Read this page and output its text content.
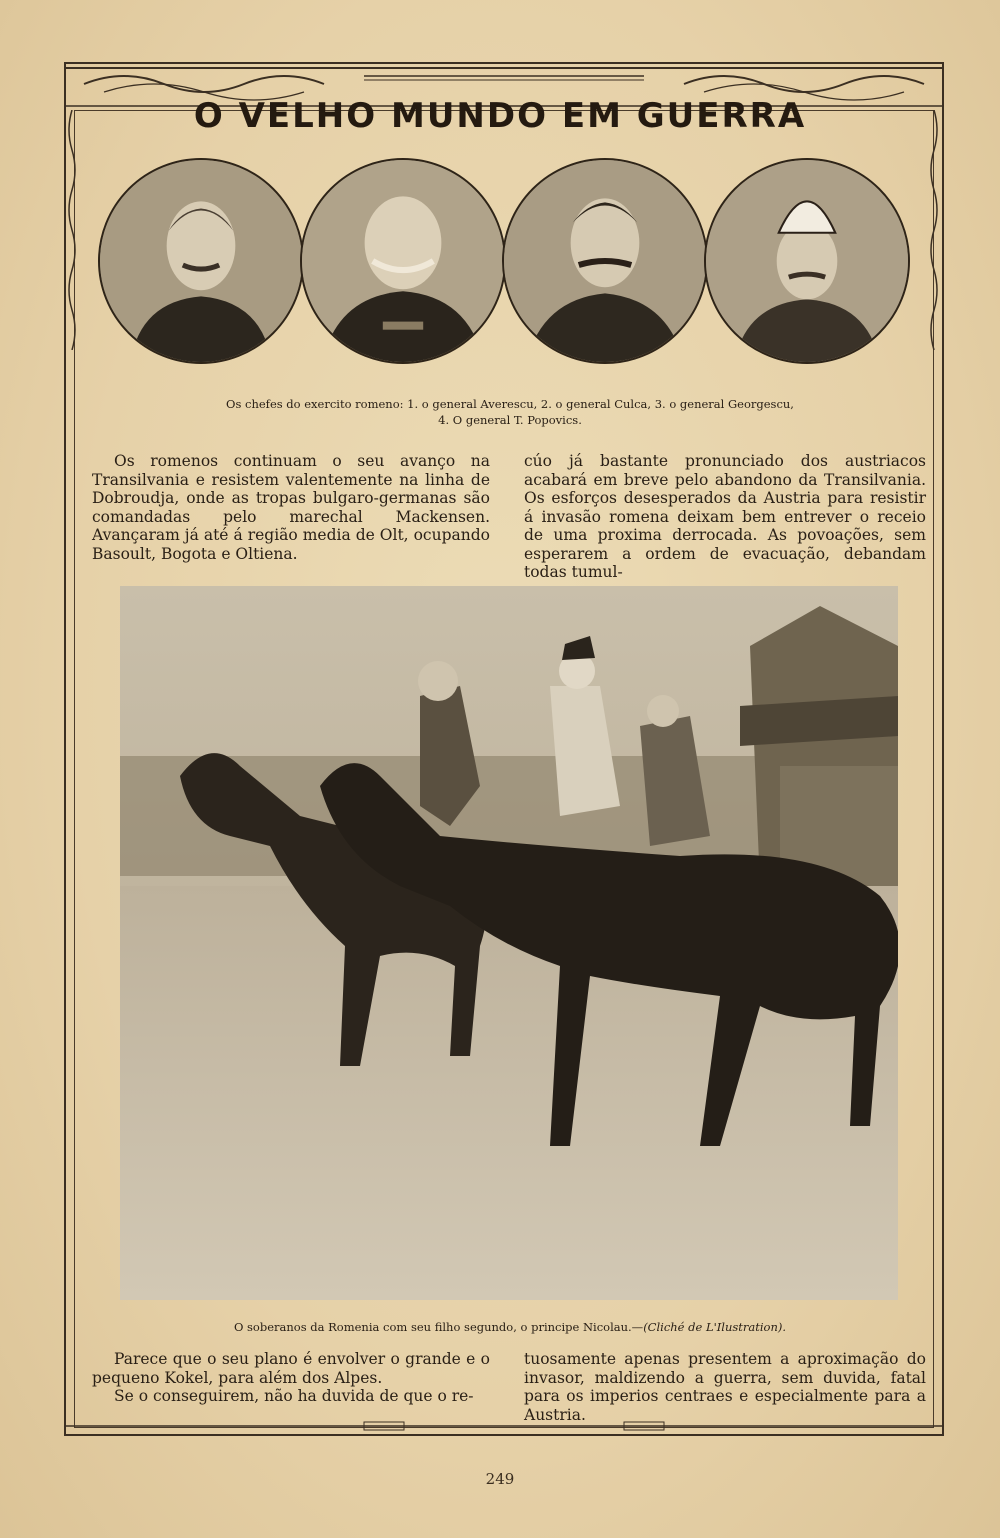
O VELHO MUNDO EM GUERRA
Os chefes do exercito romeno: 1. o general Averescu, 2. o general Culca, 3. o general Georgescu,
4. O general T. Popovics.

Os romenos continuam o seu avanço na Transilvania e resistem valentemente na linha de Dobroudja, onde as tropas bulgaro-germanas são comandadas pelo marechal Mackensen. Avançaram já até á região media de Olt, ocupando Basoult, Bogota e Oltiena.

cúo já bastante pronunciado dos austriacos acabará em breve pelo abandono da Transilvania. Os esforços desesperados da Austria para resistir á invasão romena deixam bem entrever o receio de uma proxima derrocada. As povoações, sem esperarem a ordem de evacuação, debandam todas tumul-

O soberanos da Romenia com seu filho segundo, o principe Nicolau.—(Cliché de L'Ilustration).

Parece que o seu plano é envolver o grande e o pequeno Kokel, para além dos Alpes.

Se o conseguirem, não ha duvida de que o re-

tuosamente apenas presentem a aproximação do invasor, maldizendo a guerra, sem duvida, fatal para os imperios centraes e especialmente para a Austria.

249
